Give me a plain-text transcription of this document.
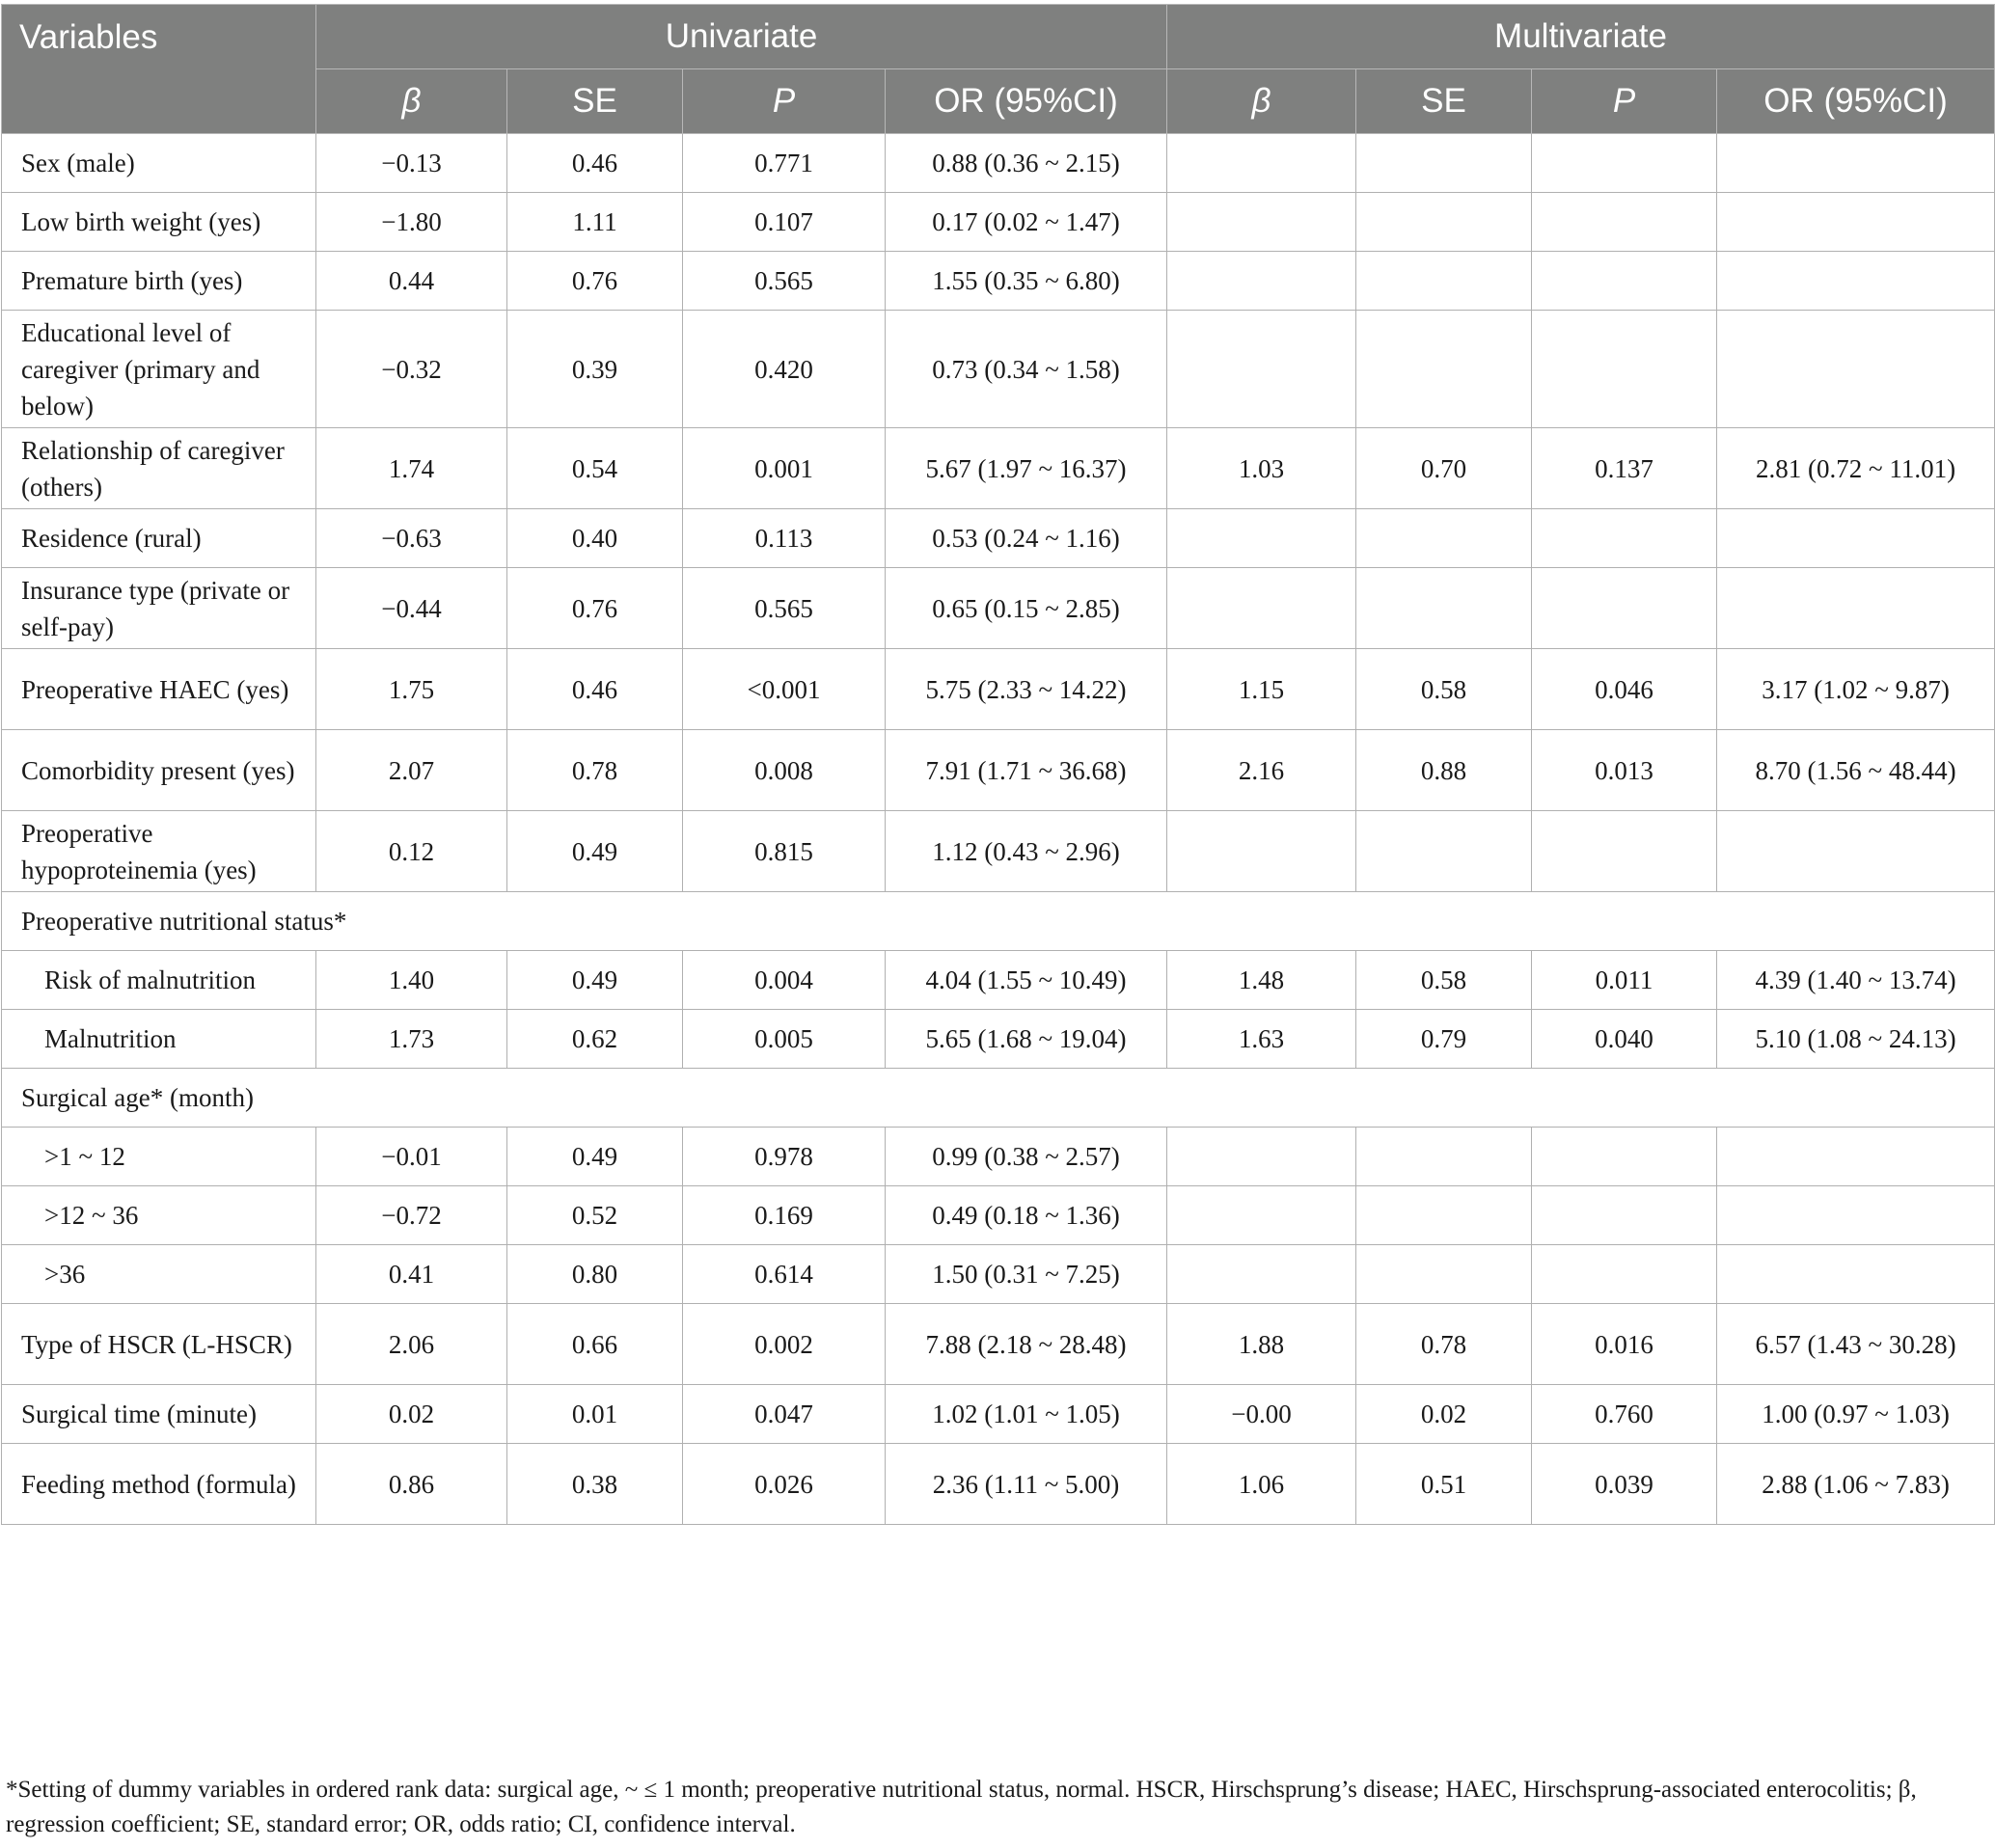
Variables	Univariate				Multivariate			
	β	SE	P	OR (95%CI)	β	SE	P	OR (95%CI)
Sex (male)	−0.13	0.46	0.771	0.88 (0.36 ~ 2.15)				
Low birth weight (yes)	−1.80	1.11	0.107	0.17 (0.02 ~ 1.47)				
Premature birth (yes)	0.44	0.76	0.565	1.55 (0.35 ~ 6.80)				
Educational level of caregiver (primary and below)	−0.32	0.39	0.420	0.73 (0.34 ~ 1.58)				
Relationship of caregiver (others)	1.74	0.54	0.001	5.67 (1.97 ~ 16.37)	1.03	0.70	0.137	2.81 (0.72 ~ 11.01)
Residence (rural)	−0.63	0.40	0.113	0.53 (0.24 ~ 1.16)				
Insurance type (private or self-pay)	−0.44	0.76	0.565	0.65 (0.15 ~ 2.85)				
Preoperative HAEC (yes)	1.75	0.46	<0.001	5.75 (2.33 ~ 14.22)	1.15	0.58	0.046	3.17 (1.02 ~ 9.87)
Comorbidity present (yes)	2.07	0.78	0.008	7.91 (1.71 ~ 36.68)	2.16	0.88	0.013	8.70 (1.56 ~ 48.44)
Preoperative hypoproteinemia (yes)	0.12	0.49	0.815	1.12 (0.43 ~ 2.96)				
Preoperative nutritional status*								
Risk of malnutrition	1.40	0.49	0.004	4.04 (1.55 ~ 10.49)	1.48	0.58	0.011	4.39 (1.40 ~ 13.74)
Malnutrition	1.73	0.62	0.005	5.65 (1.68 ~ 19.04)	1.63	0.79	0.040	5.10 (1.08 ~ 24.13)
Surgical age* (month)								
>1 ~ 12	−0.01	0.49	0.978	0.99 (0.38 ~ 2.57)				
>12 ~ 36	−0.72	0.52	0.169	0.49 (0.18 ~ 1.36)				
>36	0.41	0.80	0.614	1.50 (0.31 ~ 7.25)				
Type of HSCR (L-HSCR)	2.06	0.66	0.002	7.88 (2.18 ~ 28.48)	1.88	0.78	0.016	6.57 (1.43 ~ 30.28)
Surgical time (minute)	0.02	0.01	0.047	1.02 (1.01 ~ 1.05)	−0.00	0.02	0.760	1.00 (0.97 ~ 1.03)
Feeding method (formula)	0.86	0.38	0.026	2.36 (1.11 ~ 5.00)	1.06	0.51	0.039	2.88 (1.06 ~ 7.83)
*Setting of dummy variables in ordered rank data: surgical age, ~ ≤ 1 month; preoperative nutritional status, normal. HSCR, Hirschsprung’s disease; HAEC, Hirschsprung-associated enterocolitis; β, regression coefficient; SE, standard error; OR, odds ratio; CI, confidence interval.
